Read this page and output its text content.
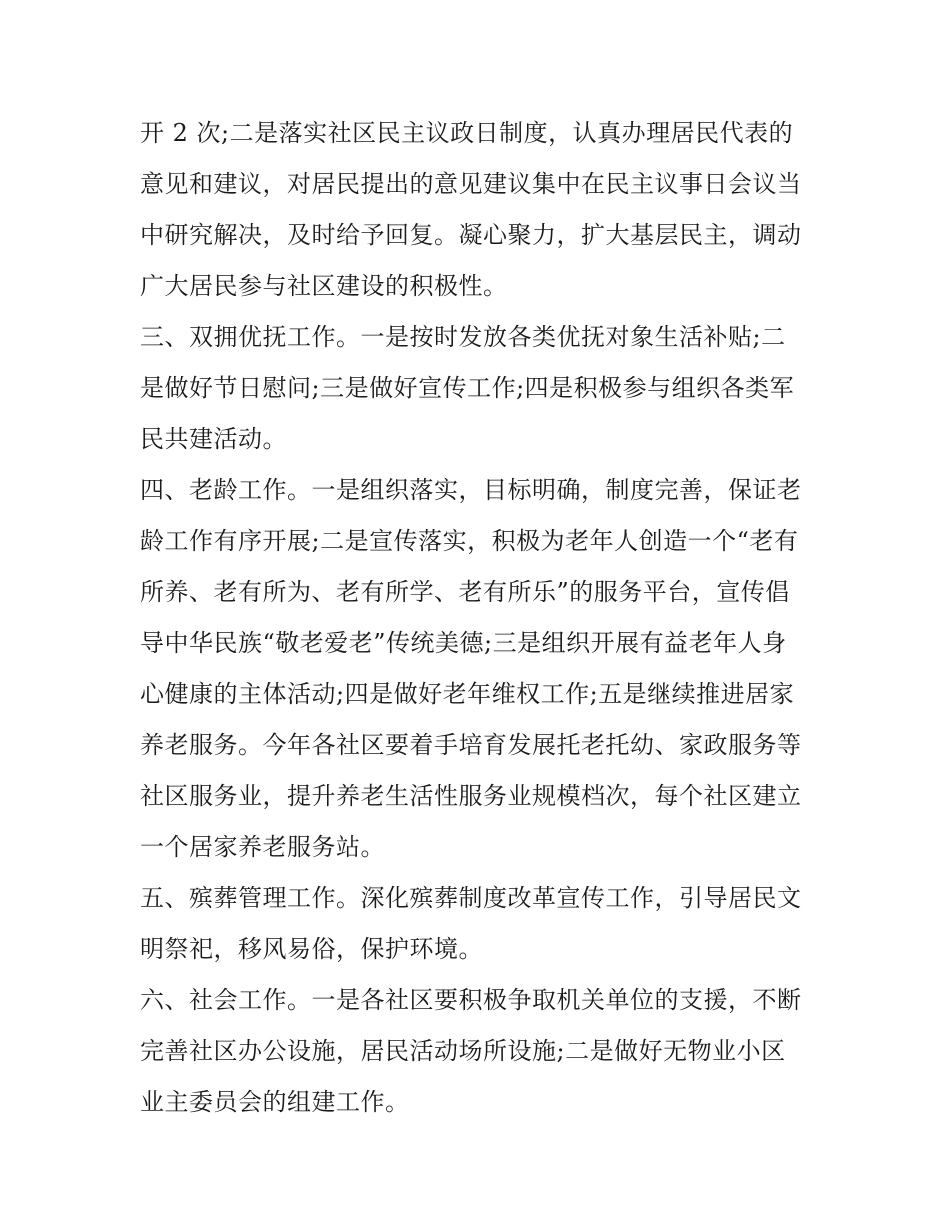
开 2 次;二是落实社区民主议政日制度，认真办理居民代表的
意见和建议，对居民提出的意见建议集中在民主议事日会议当
中研究解决，及时给予回复。凝心聚力，扩大基层民主，调动
广大居民参与社区建设的积极性。
三、双拥优抚工作。一是按时发放各类优抚对象生活补贴;二
是做好节日慰问;三是做好宣传工作;四是积极参与组织各类军
民共建活动。
四、老龄工作。一是组织落实，目标明确，制度完善，保证老
龄工作有序开展;二是宣传落实，积极为老年人创造一个“老有
所养、老有所为、老有所学、老有所乐”的服务平台，宣传倡
导中华民族“敬老爱老”传统美德;三是组织开展有益老年人身
心健康的主体活动;四是做好老年维权工作;五是继续推进居家
养老服务。今年各社区要着手培育发展托老托幼、家政服务等
社区服务业，提升养老生活性服务业规模档次，每个社区建立
一个居家养老服务站。
五、殡葬管理工作。深化殡葬制度改革宣传工作，引导居民文
明祭祀，移风易俗，保护环境。
六、社会工作。一是各社区要积极争取机关单位的支援，不断
完善社区办公设施，居民活动场所设施;二是做好无物业小区
业主委员会的组建工作。
